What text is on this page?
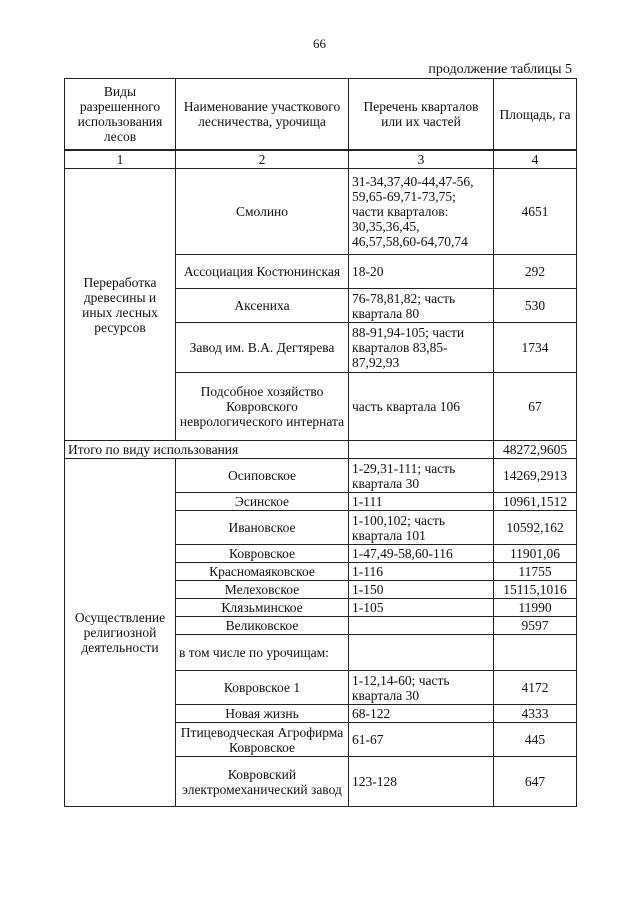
66
продолжение таблицы 5
Виды разрешенного использования лесов	Наименование участкового лесничества, урочища	Перечень кварталов или их частей	Площадь, га
1	2	3	4
Переработка древесины и иных лесных ресурсов	Смолино	31-34,37,40-44,47-56, 59,65-69,71-73,75; части кварталов: 30,35,36,45, 46,57,58,60-64,70,74	4651
	Ассоциация Костюнинская	18-20	292
	Аксениха	76-78,81,82; часть квартала 80	530
	Завод им. В.А. Дегтярева	88-91,94-105; части кварталов 83,85-87,92,93	1734
	Подсобное хозяйство Ковровского неврологического интерната	часть квартала 106	67
Итого по виду использования			48272,9605
Осуществление религиозной деятельности	Осиповское	1-29,31-111; часть квартала 30	14269,2913
	Эсинское	1-111	10961,1512
	Ивановское	1-100,102; часть квартала 101	10592,162
	Ковровское	1-47,49-58,60-116	11901,06
	Красномаяковское	1-116	11755
	Мелеховское	1-150	15115,1016
	Клязьминское	1-105	11990
	Великовское		9597
	в том числе по урочищам:		
	Ковровское 1	1-12,14-60; часть квартала 30	4172
	Новая жизнь	68-122	4333
	Птицеводческая Агрофирма Ковровское	61-67	445
	Ковровский электромеханический завод	123-128	647
